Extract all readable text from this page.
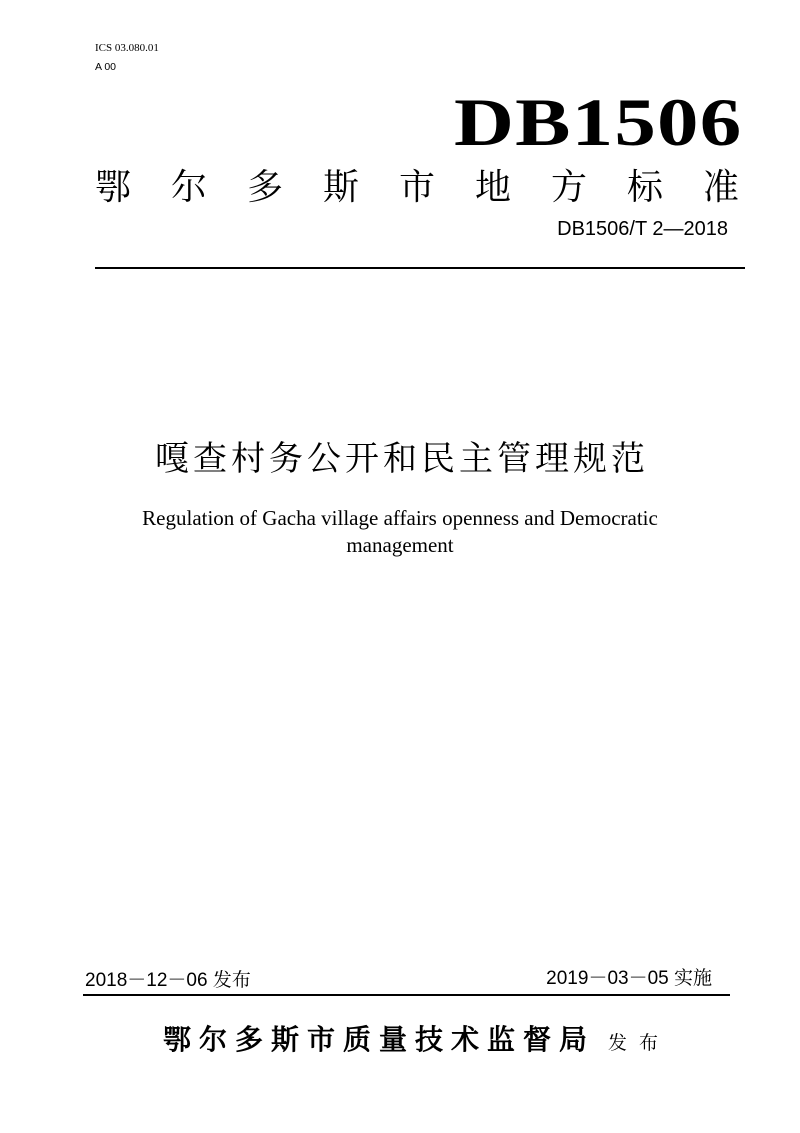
ICS 03.080.01
A 00
DB1506
鄂尔多斯市地方标准
DB1506/T 2—2018
嘎查村务公开和民主管理规范
Regulation of Gacha village affairs openness and Democratic management
2018－12－06 发布	2019－03－05 实施
鄂尔多斯市质量技术监督局 发布
